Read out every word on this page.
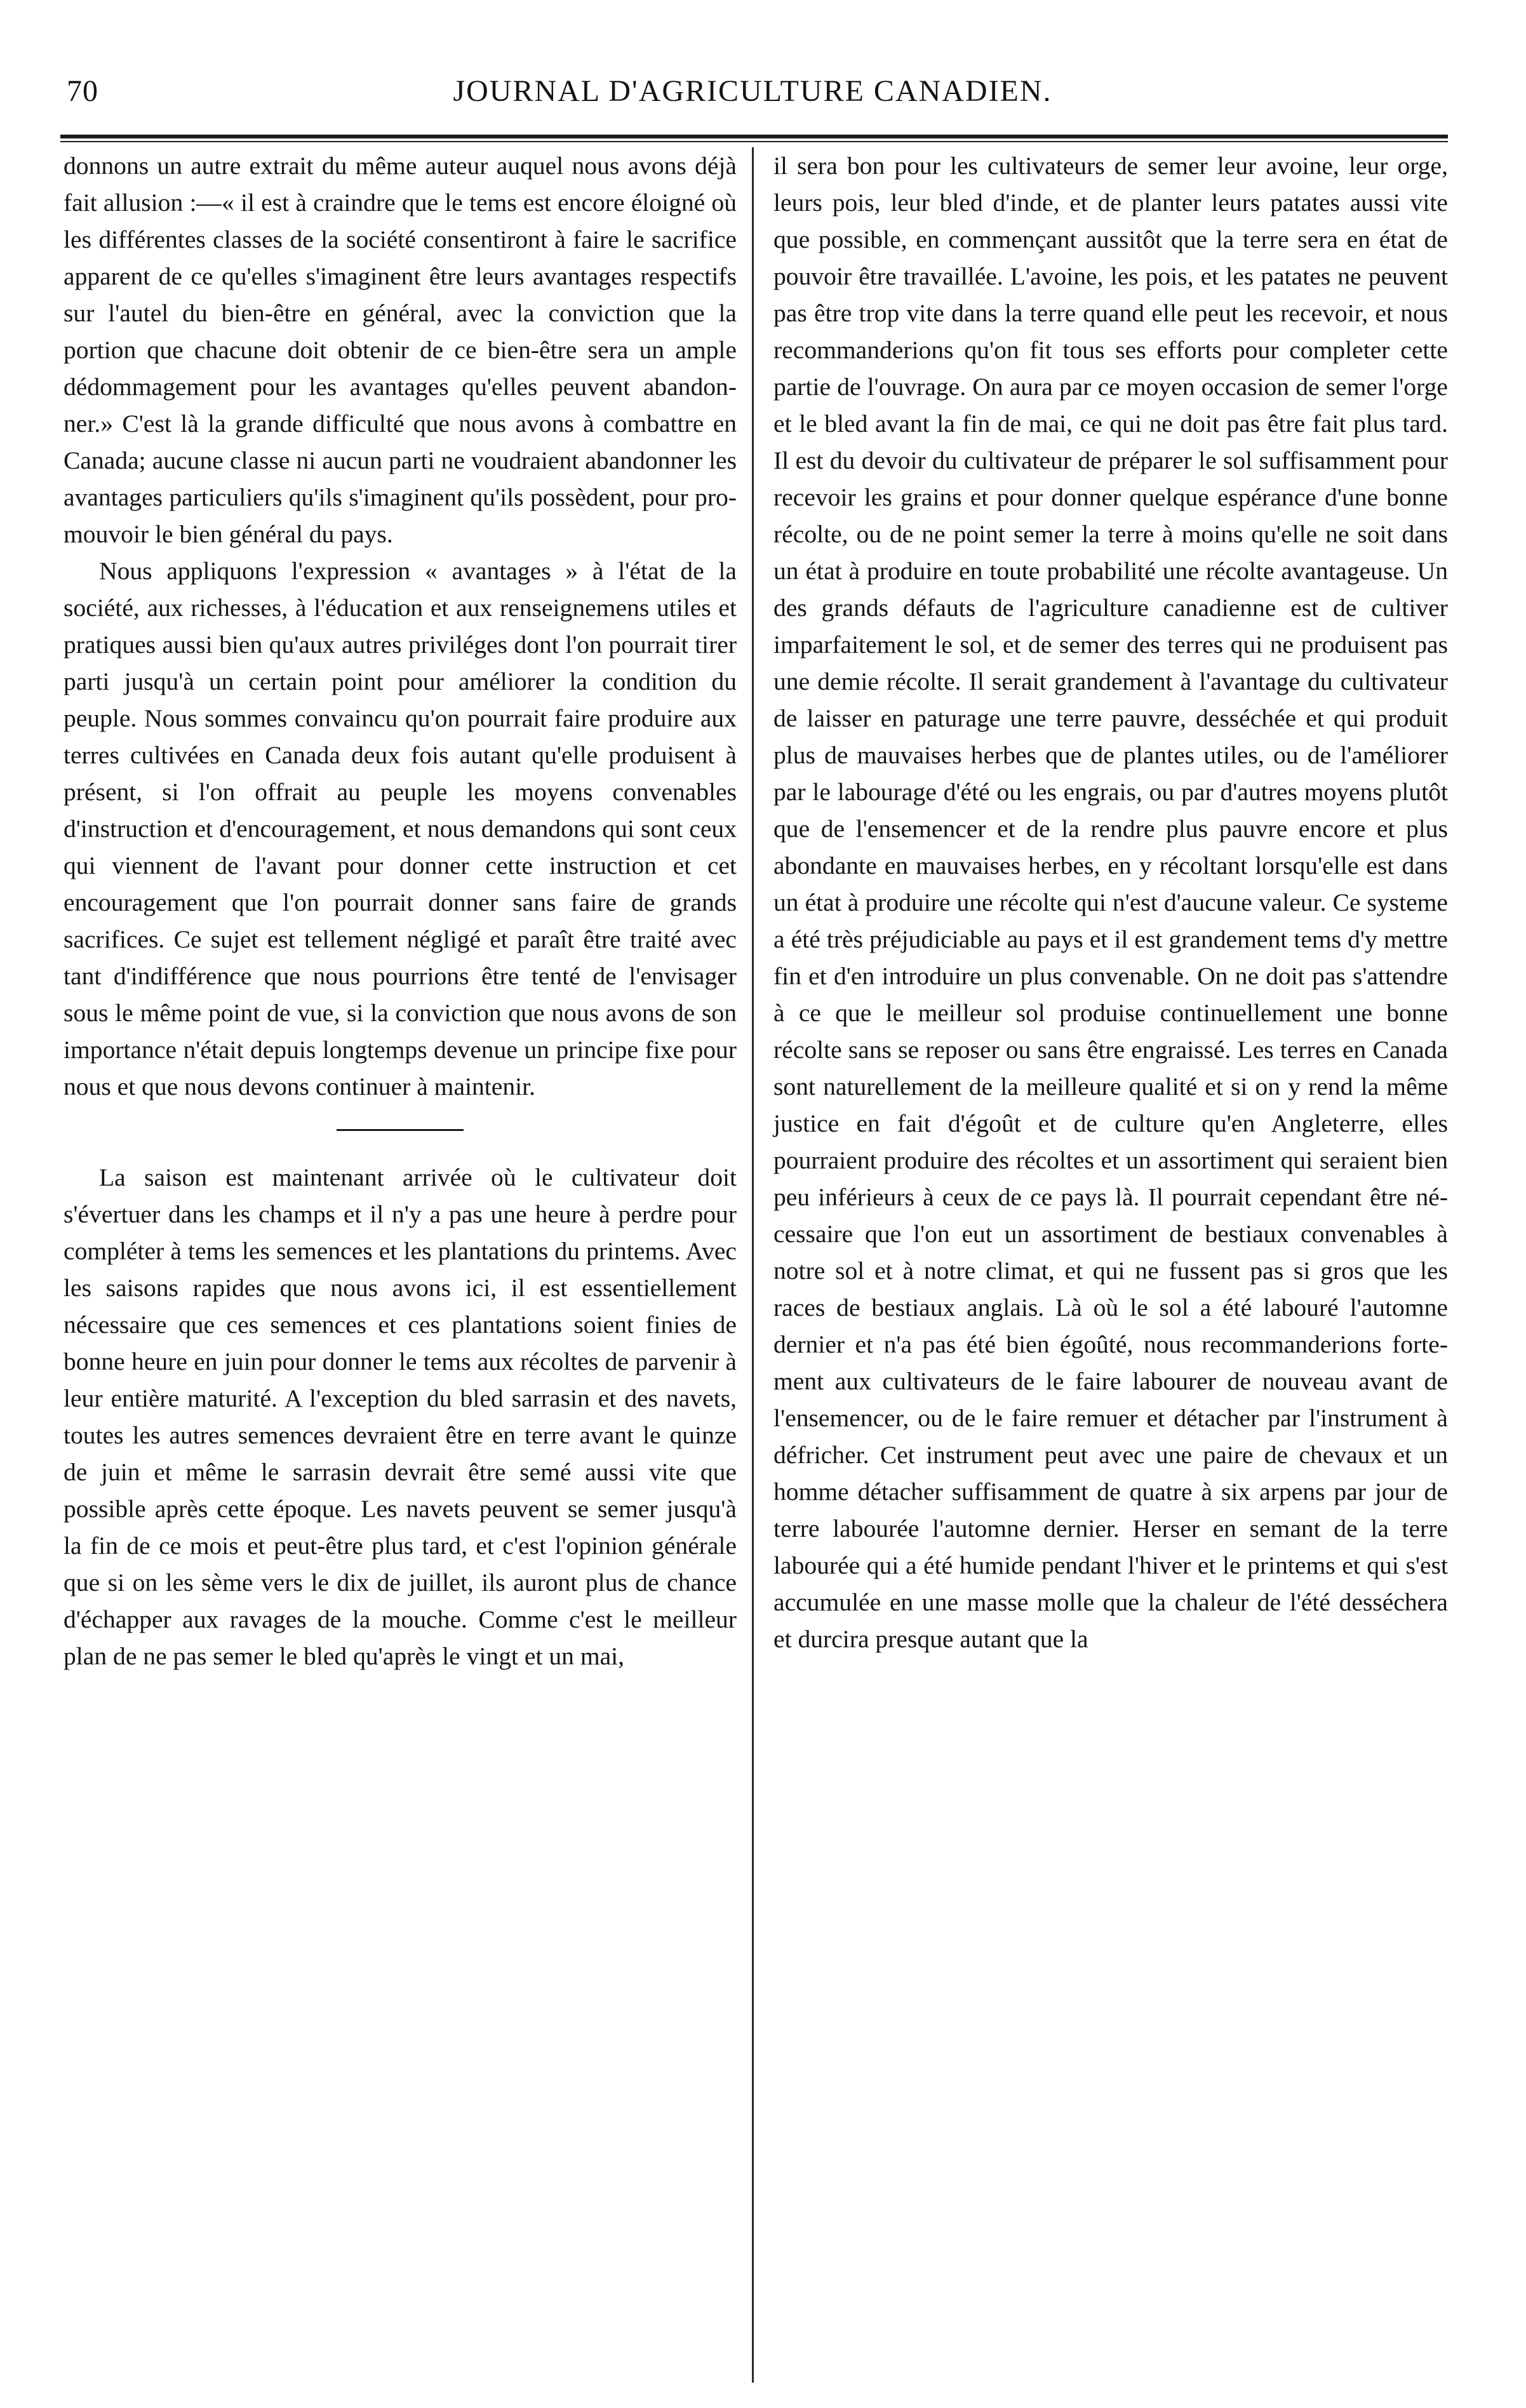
70	JOURNAL D'AGRICULTURE CANADIEN.

donnons un autre extrait du même auteur auquel nous avons déjà fait allusion :—« il est à craindre que le tems est encore éloigné où les différentes classes de la société consentiront à faire le sacrifice apparent de ce qu'elles s'imaginent être leurs avantages respectifs sur l'autel du bien-être en général, avec la conviction que la portion que chacune doit obtenir de ce bien-être sera un ample dédommagement pour les avantages qu'elles peuvent abandonner.» C'est là la grande difficulté que nous avons à combattre en Canada; aucune classe ni aucun parti ne voudraient abandonner les avantages particuliers qu'ils s'imaginent qu'ils possèdent, pour promouvoir le bien général du pays.

Nous appliquons l'expression « avantages » à l'état de la société, aux richesses, à l'éducation et aux renseignemens utiles et pratiques aussi bien qu'aux autres priviléges dont l'on pourrait tirer parti jusqu'à un certain point pour améliorer la condition du peuple. Nous sommes convaincu qu'on pourrait faire produire aux terres cultivées en Canada deux fois autant qu'elle produisent à présent, si l'on offrait au peuple les moyens convenables d'instruction et d'encouragement, et nous demandons qui sont ceux qui viennent de l'avant pour donner cette instruction et cet encouragement que l'on pourrait donner sans faire de grands sacrifices. Ce sujet est tellement négligé et paraît être traité avec tant d'indifférence que nous pourrions être tenté de l'envisager sous le même point de vue, si la conviction que nous avons de son importance n'était depuis longtemps devenue un principe fixe pour nous et que nous devons continuer à maintenir.

La saison est maintenant arrivée où le cultivateur doit s'évertuer dans les champs et il n'y a pas une heure à perdre pour compléter à tems les semences et les plantations du printems. Avec les saisons rapides que nous avons ici, il est essentiellement nécessaire que ces semences et ces plantations soient finies de bonne heure en juin pour donner le tems aux récoltes de parvenir à leur entière maturité. A l'exception du bled sarrasin et des navets, toutes les autres semences devraient être en terre avant le quinze de juin et même le sarrasin devrait être semé aussi vite que possible après cette époque. Les navets peuvent se semer jusqu'à la fin de ce mois et peut-être plus tard, et c'est l'opinion générale que si on les sème vers le dix de juillet, ils auront plus de chance d'échapper aux ravages de la mouche. Comme c'est le meilleur plan de ne pas semer le bled qu'après le vingt et un mai,

il sera bon pour les cultivateurs de semer leur avoine, leur orge, leurs pois, leur bled d'inde, et de planter leurs patates aussi vite que possible, en commençant aussitôt que la terre sera en état de pouvoir être travaillée. L'avoine, les pois, et les patates ne peuvent pas être trop vite dans la terre quand elle peut les recevoir, et nous recommanderions qu'on fit tous ses efforts pour completer cette partie de l'ouvrage. On aura par ce moyen occasion de semer l'orge et le bled avant la fin de mai, ce qui ne doit pas être fait plus tard. Il est du devoir du cultivateur de préparer le sol suffisamment pour recevoir les grains et pour donner quelque espérance d'une bonne récolte, ou de ne point semer la terre à moins qu'elle ne soit dans un état à produire en toute probabilité une récolte avantageuse. Un des grands défauts de l'agriculture canadienne est de cultiver imparfaitement le sol, et de semer des terres qui ne produisent pas une demie récolte. Il serait grandement à l'avantage du cultivateur de laisser en paturage une terre pauvre, desséchée et qui produit plus de mauvaises herbes que de plantes utiles, ou de l'améliorer par le labourage d'été ou les engrais, ou par d'autres moyens plutôt que de l'ensemencer et de la rendre plus pauvre encore et plus abondante en mauvaises herbes, en y récoltant lorsqu'elle est dans un état à produire une récolte qui n'est d'aucune valeur. Ce systeme a été très préjudiciable au pays et il est grandement tems d'y mettre fin et d'en introduire un plus convenable. On ne doit pas s'attendre à ce que le meilleur sol produise continuellement une bonne récolte sans se reposer ou sans être engraissé. Les terres en Canada sont naturellement de la meilleure qualité et si on y rend la même justice en fait d'égoût et de culture qu'en Angleterre, elles pourraient produire des récoltes et un assortiment qui seraient bien peu inférieurs à ceux de ce pays là. Il pourrait cependant être nécessaire que l'on eut un assortiment de bestiaux convenables à notre sol et à notre climat, et qui ne fussent pas si gros que les races de bestiaux anglais. Là où le sol a été labouré l'automne dernier et n'a pas été bien égoûté, nous recommanderions fortement aux cultivateurs de le faire labourer de nouveau avant de l'ensemencer, ou de le faire remuer et détacher par l'instrument à défricher. Cet instrument peut avec une paire de chevaux et un homme détacher suffisamment de quatre à six arpens par jour de terre labourée l'automne dernier. Herser en semant de la terre labourée qui a été humide pendant l'hiver et le printems et qui s'est accumulée en une masse molle que la chaleur de l'été desséchera et durcira presque autant que la
